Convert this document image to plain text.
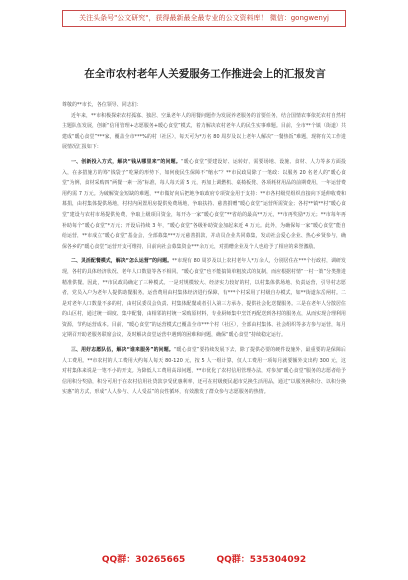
关注头条号"公文研究"，获得最新最全最专业的公文资料库！ 微信：gongwenyj
在全市农村老年人关爱服务工作推进会上的汇报发言

尊敬的**市长，各位领导、同志们：

近年来，**市积极探索农村孤寡、独居、空巢老年人的用餐问题作为发展养老服务的首要任务，结合国情农事依托农村自然村主题队伍发展，创新“信用管理+志愿服务+暖心食堂”模式，着力解决农村老年人的民生实事难题。目前，全市**个镇（街道）共建成“暖心食堂”***家，覆盖全市***%的村（社区），每天可为*万名 80 周岁及以上老年人解决“一餐热饭”难题，现将有关工作进展情况汇报如下：

一、创新投入方式，解决“钱从哪里来”的问题。“暖心食堂”要建设好、运转好，需要场地、设施、食材、人力等多方面投入，在多措施方的筹“钱袋子”吃紧的形势下，如何使民生保障不“缩水”？**市民政局除了一笔政：以服务 20 名老人的“暖心食堂”为例，食材采购四“两餐一素一汤”标准，每人每天需 5 元，再加上调燃机、桌椅板凳、各项耗材用品的前期费用，一年运营费用约需 7 万元。为破解资金短缺的难题，**市做好向后把地争取政府专项资金用于支持：**市各村级党组织直接向下延伸收费和募捐，由村集体提供场地，村村内闲置用房提供免费场地，争取扶持、慈善捐赠“暖心食堂”运营所需资金；各村**镇**村“暖心食堂”建设与农村市场提供免费，争取上级项目资金，每开办一家“暖心食堂”**省给的最高**万元，**市再奖励*万元；**市每年再补助每个“暖心食堂”*万元；开设后持续 3 年，“暖心食堂”各级补助资金加起来近 4 万元。此外，为确保每一家“暖心食堂”能自给运营，**市成立“暖心食堂”基金会，全部募集***万元慈善捐款，并动员企业共同募集，发动社会爱心企业、热心乡贤参与，确保各乡的“暖心食堂”运营开支可维持，目前向社会募集资金***余万元，对捐赠企业及个人也给予了相应的荣誉激励。

二、灵活配餐模式，解决“怎么运营”的问题。**市现有 80 周岁及以上农村老年人*万余人，分别居住在***个行政村，调研发现，各村的具体经济状况、老年人口数量等各不相同。“暖心食堂”也不能搞简单粗放式的复制，而应根据村情“一村一策”分类推进精准供餐。因此，**市民政局确定了三种模式。一是对规模较大、经济实力较好的村，以村集体供场地、负责运营，引导村志愿者，党员入户为老年人提供助餐服务。运营费用由村集体经济进行保障，有***个村采用了村级自办模式，如**街道东岳闸村。二是对老年人口数量不多的村，由村民委员会负责、村集体配餐或者引入第三方承办，提供社会化送餐服务。三是在老年人分散居住的山区村，通过统一调度、集中配餐，由相邻的村统一采购原材料，专业厨师集中烹饪再配送到各村的服务点，从而实现合理利用资源，节约运营成本。目前，“暖心食堂”的运营模式已覆盖全市***个村（社区），全部由村集体、社会组织等多方参与运营，每月定期召开助老服务联席会议，及时解决食堂运营中遇到的困难和问题，确保“暖心食堂”持续稳定运行。

三、用好志愿队伍，解决“谁来服务”的问题。“暖心食堂”要持续发展下去，除了提供必要的硬件设施外，最重要的是保障后人工费用。**市农村的人工费用大约每人每天 80-120 元，按 5 人一组计算，仅人工费用一项每月就要额外支出约 300 元，这对村集体来说是一笔不小的开支。为降低人工费用高昂问题，**市优化了农村信用管理办法，对参加“暖心食堂”服务的志愿者给予信用积分奖励，积分可用于在农村信用社贷款享受优惠利率，还可在村级便民超市兑换生活用品，通过“以服务换积分、以积分换实惠”的方式，形成“人人参与、人人受益”的良性循环，有效激发了群众参与志愿服务的热情。

QQ群：30265665	QQ群：535304092
